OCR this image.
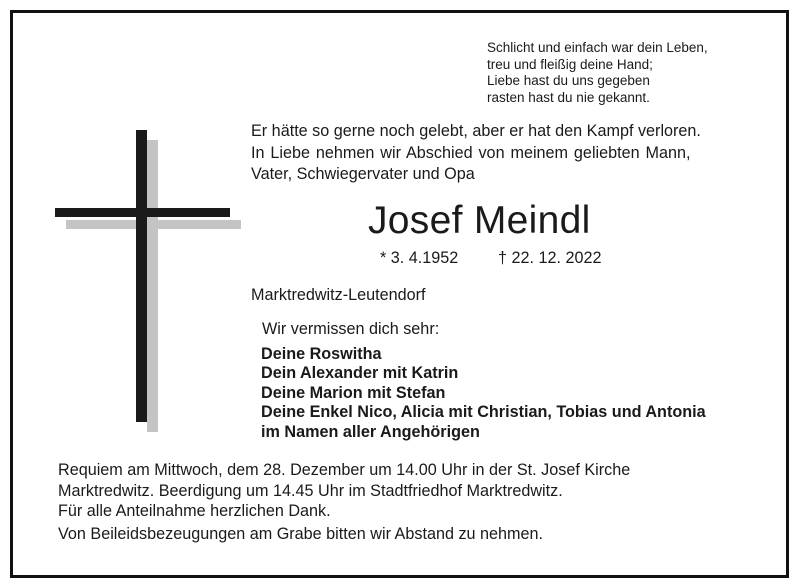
Schlicht und einfach war dein Leben,
treu und fleißig deine Hand;
Liebe hast du uns gegeben
rasten hast du nie gekannt.
Er hätte so gerne noch gelebt, aber er hat den Kampf verloren.
In Liebe nehmen wir Abschied von meinem geliebten Mann,
Vater, Schwiegervater und Opa
Josef Meindl
* 3. 4.1952 † 22. 12. 2022
Marktredwitz-Leutendorf
Wir vermissen dich sehr:
Deine Roswitha
Dein Alexander mit Katrin
Deine Marion mit Stefan
Deine Enkel Nico, Alicia mit Christian, Tobias und Antonia
im Namen aller Angehörigen
Requiem am Mittwoch, dem 28. Dezember um 14.00 Uhr in der St. Josef Kirche
Marktredwitz. Beerdigung um 14.45 Uhr im Stadtfriedhof Marktredwitz.
Für alle Anteilnahme herzlichen Dank.
Von Beileidsbezeugungen am Grabe bitten wir Abstand zu nehmen.
